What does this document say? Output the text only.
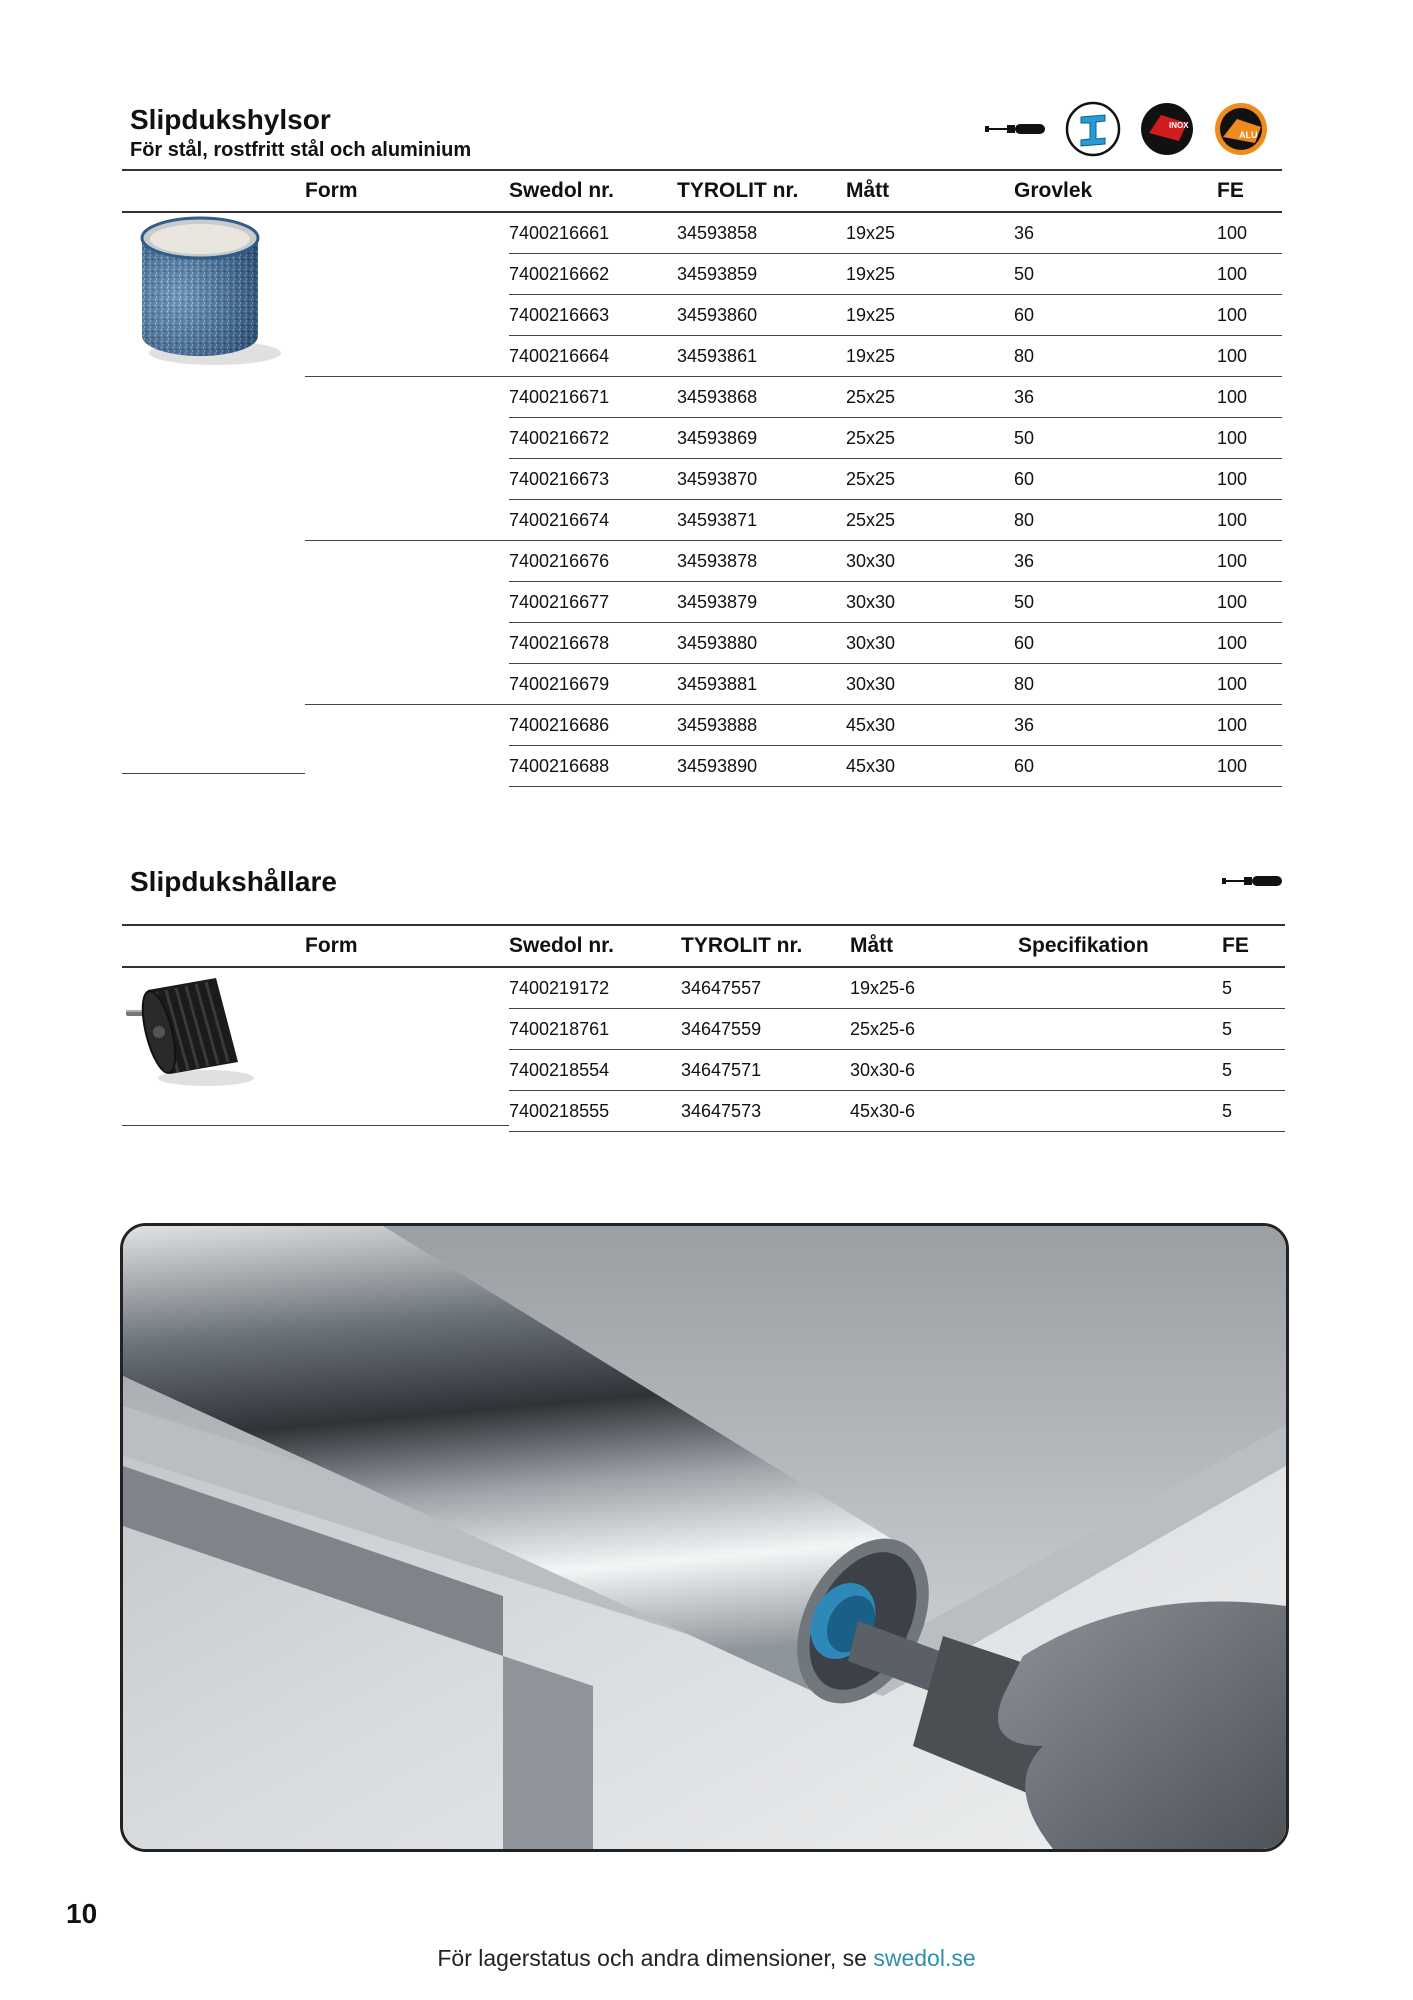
Slipdukshylsor
För stål, rostfritt stål och aluminium
INOX
ALU
	Form	Swedol nr.	TYROLIT nr.	Mått	Grovlek	FE
		7400216661	34593858	19x25	36	100
		7400216662	34593859	19x25	50	100
		7400216663	34593860	19x25	60	100
		7400216664	34593861	19x25	80	100
		7400216671	34593868	25x25	36	100
		7400216672	34593869	25x25	50	100
		7400216673	34593870	25x25	60	100
		7400216674	34593871	25x25	80	100
		7400216676	34593878	30x30	36	100
		7400216677	34593879	30x30	50	100
		7400216678	34593880	30x30	60	100
		7400216679	34593881	30x30	80	100
		7400216686	34593888	45x30	36	100
		7400216688	34593890	45x30	60	100
Slipdukshållare
	Form	Swedol nr.	TYROLIT nr.	Mått	Specifikation	FE
		7400219172	34647557	19x25-6		5
		7400218761	34647559	25x25-6		5
		7400218554	34647571	30x30-6		5
		7400218555	34647573	45x30-6		5
10
För lagerstatus och andra dimensioner, se swedol.se
